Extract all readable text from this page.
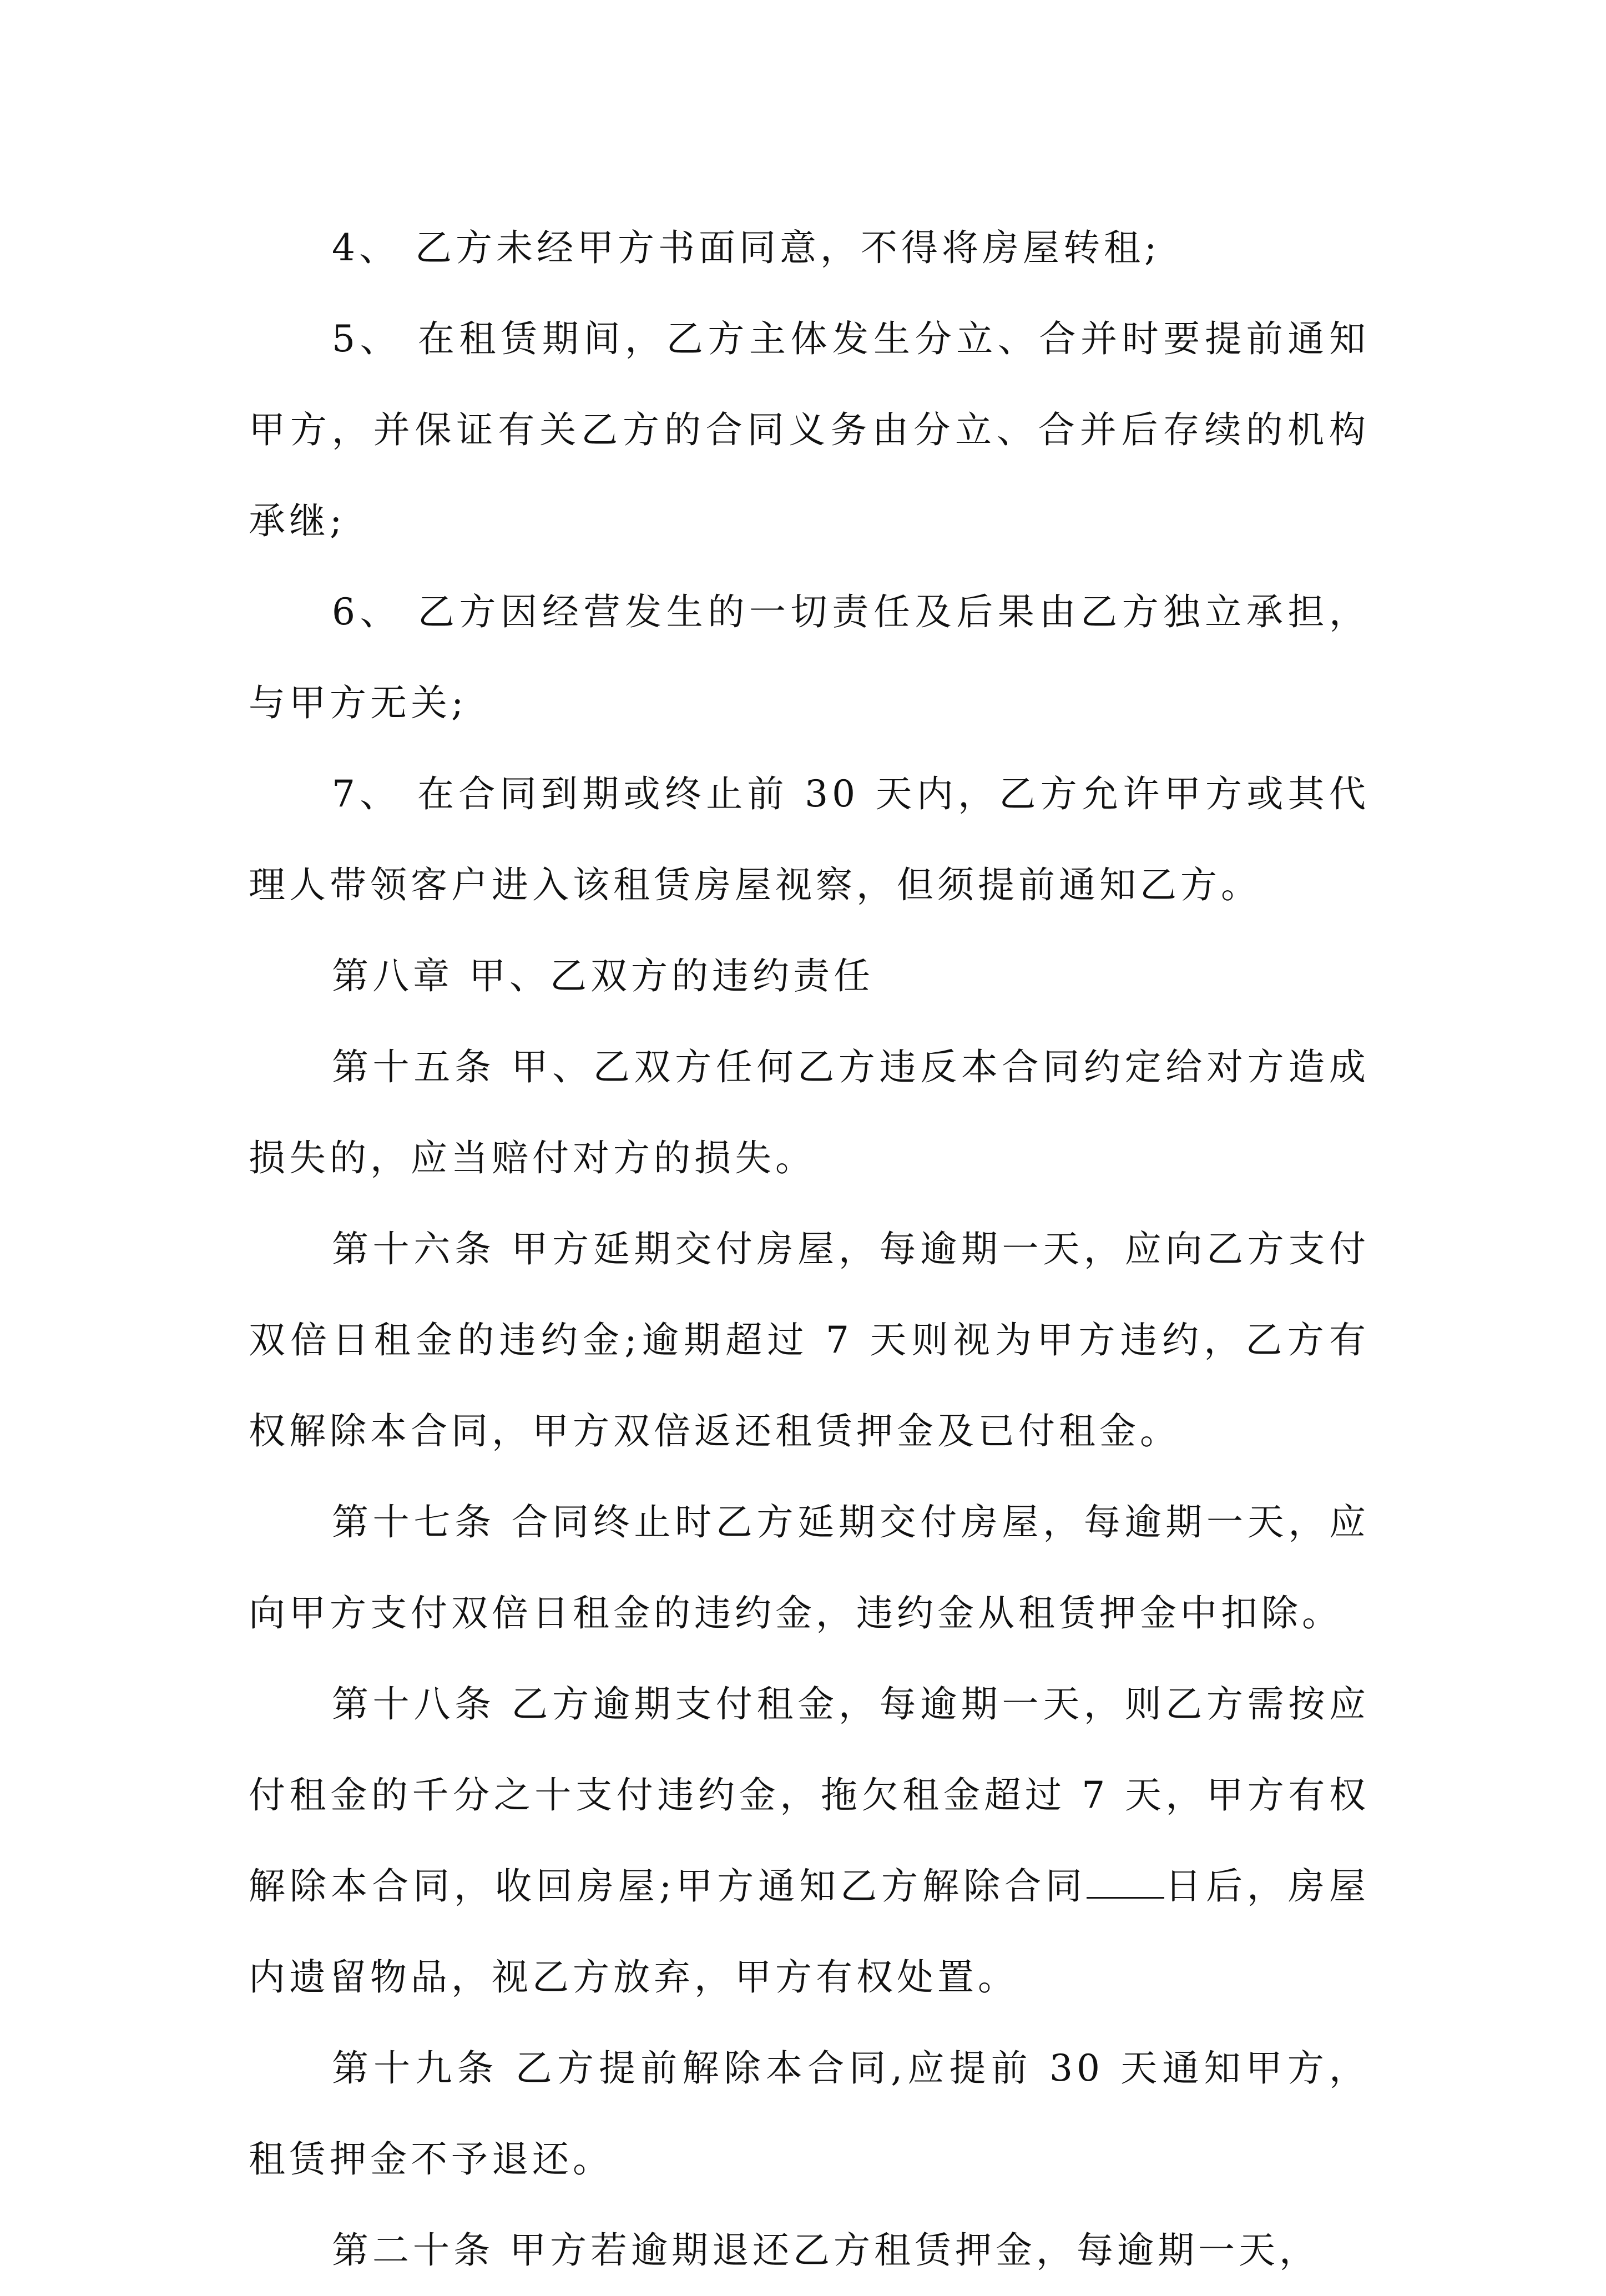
4、 乙方未经甲方书面同意，不得将房屋转租;

5、 在租赁期间，乙方主体发生分立、合并时要提前通知甲方，并保证有关乙方的合同义务由分立、合并后存续的机构承继;

6、 乙方因经营发生的一切责任及后果由乙方独立承担，与甲方无关;

7、 在合同到期或终止前 30 天内，乙方允许甲方或其代理人带领客户进入该租赁房屋视察，但须提前通知乙方。

第八章 甲、乙双方的违约责任

第十五条 甲、乙双方任何乙方违反本合同约定给对方造成损失的，应当赔付对方的损失。

第十六条 甲方延期交付房屋，每逾期一天，应向乙方支付双倍日租金的违约金;逾期超过 7 天则视为甲方违约，乙方有权解除本合同，甲方双倍返还租赁押金及已付租金。

第十七条 合同终止时乙方延期交付房屋，每逾期一天，应向甲方支付双倍日租金的违约金，违约金从租赁押金中扣除。

第十八条 乙方逾期支付租金，每逾期一天，则乙方需按应付租金的千分之十支付违约金，拖欠租金超过 7 天，甲方有权解除本合同，收回房屋;甲方通知乙方解除合同 日后，房屋内遗留物品，视乙方放弃，甲方有权处置。

第十九条 乙方提前解除本合同,应提前 30 天通知甲方，租赁押金不予退还。

第二十条 甲方若逾期退还乙方租赁押金，每逾期一天，
